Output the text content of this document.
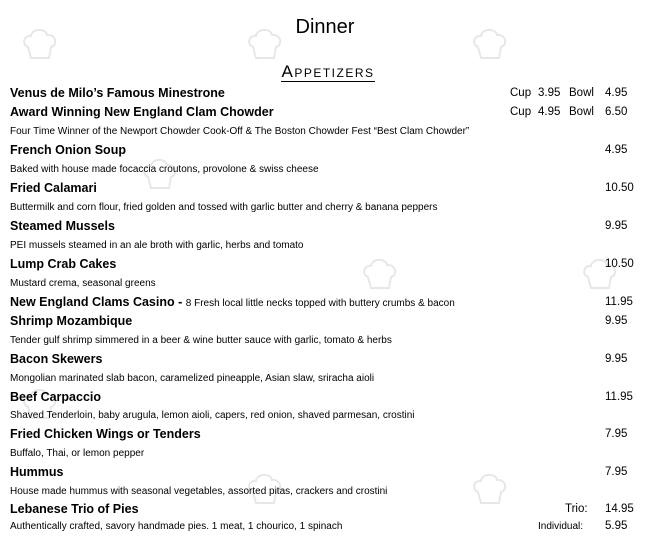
Dinner
Appetizers
Venus de Milo’s Famous Minestrone	Cup 3.95 Bowl 4.95
Award Winning New England Clam Chowder	Cup 4.95 Bowl 6.50
Four Time Winner of the Newport Chowder Cook-Off & The Boston Chowder Fest “Best Clam Chowder”
French Onion Soup	4.95
Baked with house made focaccia croutons, provolone & swiss cheese
Fried Calamari	10.50
Buttermilk and corn flour, fried golden and tossed with garlic butter and cherry & banana peppers
Steamed Mussels	9.95
PEI mussels steamed in an ale broth with garlic, herbs and tomato
Lump Crab Cakes	10.50
Mustard crema, seasonal greens
New England Clams Casino - 8 Fresh local little necks topped with buttery crumbs & bacon	11.95
Shrimp Mozambique	9.95
Tender gulf shrimp simmered in a beer & wine butter sauce with garlic, tomato & herbs
Bacon Skewers	9.95
Mongolian marinated slab bacon, caramelized pineapple, Asian slaw, sriracha aioli
Beef Carpaccio	11.95
Shaved Tenderloin, baby arugula, lemon aioli, capers, red onion, shaved parmesan, crostini
Fried Chicken Wings or Tenders	7.95
Buffalo, Thai, or lemon pepper
Hummus	7.95
House made hummus with seasonal vegetables, assorted pitas, crackers and crostini
Lebanese Trio of Pies	Trio: 14.95
Authentically crafted, savory handmade pies. 1 meat, 1 chourico, 1 spinach	Individual: 5.95
